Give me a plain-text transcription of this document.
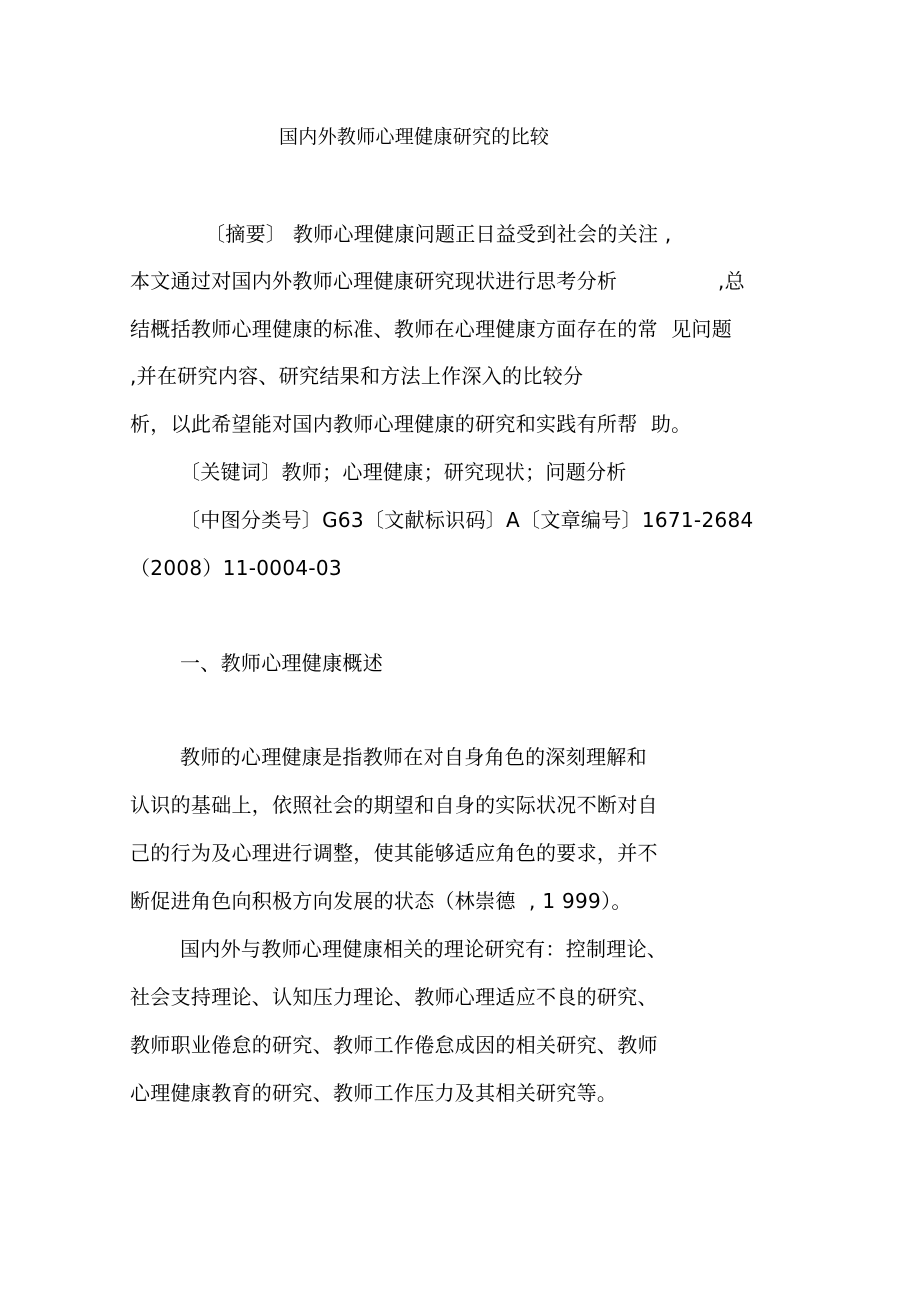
国内外教师心理健康研究的比较
〔摘要〕 教师心理健康问题正日益受到社会的关注 ,
本文通过对国内外教师心理健康研究现状进行思考分析	,总
结概括教师心理健康的标准、教师在心理健康方面存在的常  见问题
,并在研究内容、研究结果和方法上作深入的比较分
析，以此希望能对国内教师心理健康的研究和实践有所帮  助。
〔关键词〕教师；心理健康；研究现状；问题分析
〔中图分类号〕G63〔文献标识码〕A〔文章编号〕1671-2684
（2008）11-0004-03
一、教师心理健康概述
教师的心理健康是指教师在对自身角色的深刻理解和
认识的基础上，依照社会的期望和自身的实际状况不断对自
己的行为及心理进行调整，使其能够适应角色的要求，并不
断促进角色向积极方向发展的状态（林崇德  , 1 999）。
国内外与教师心理健康相关的理论研究有：控制理论、
社会支持理论、认知压力理论、教师心理适应不良的研究、
教师职业倦怠的研究、教师工作倦怠成因的相关研究、教师
心理健康教育的研究、教师工作压力及其相关研究等。
